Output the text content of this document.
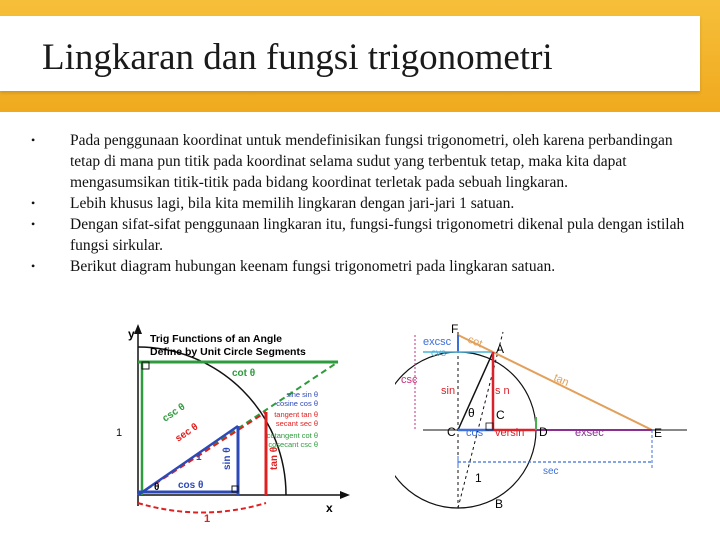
Lingkaran dan fungsi trigonometri
• Pada penggunaan koordinat untuk mendefinisikan fungsi trigonometri, oleh karena perbandingan tetap di mana pun titik pada koordinat selama sudut yang terbentuk tetap, maka kita dapat mengasumsikan titik-titik pada bidang koordinat terletak pada sebuah lingkaran.
• Lebih khusus lagi, bila kita memilih lingkaran dengan jari-jari 1 satuan.
• Dengan sifat-sifat penggunaan lingkaran itu, fungsi-fungsi trigonometri dikenal pula dengan istilah fungsi sirkular.
• Berikut diagram hubungan keenam fungsi trigonometri pada lingkaran satuan.
y
x
Trig Functions of an Angle
Define by Unit Circle Segments
cot θ
csc θ
sec θ
1 sin θ
cos θ
tan θ
θ
1
1
sine sin θ
cosine cos θ
tangent tan θ
secant sec θ
cotangent cot θ
cosecant csc θ
F
cot
excsc
cvs	A
csc	tan
sin	s n
θ C
C cos versin D exsec	E
sec
1
B
